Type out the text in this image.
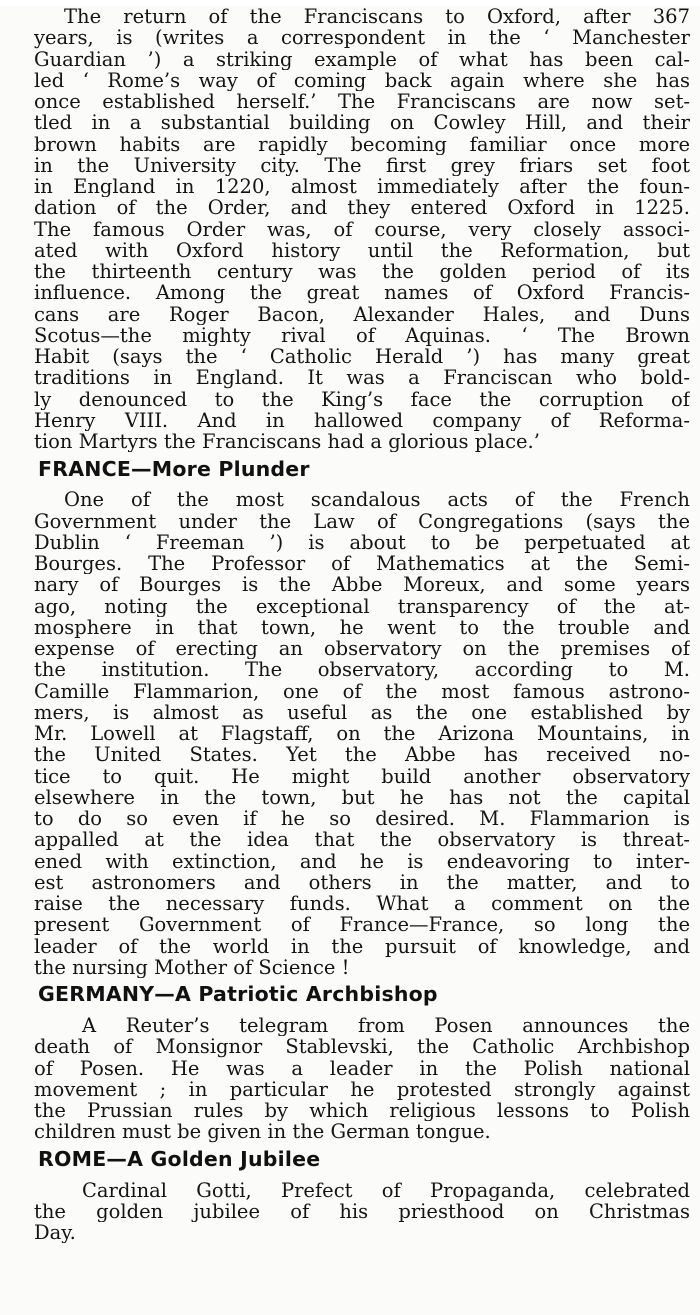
The return of the Franciscans to Oxford, after 367
years, is (writes a correspondent in the ‘ Manchester
Guardian ’) a striking example of what has been cal-
led ‘ Rome’s way of coming back again where she has
once established herself.’ The Franciscans are now set-
tled in a substantial building on Cowley Hill, and their
brown habits are rapidly becoming familiar once more
in the University city. The first grey friars set foot
in England in 1220, almost immediately after the foun-
dation of the Order, and they entered Oxford in 1225.
The famous Order was, of course, very closely associ-
ated with Oxford history until the Reformation, but
the thirteenth century was the golden period of its
influence. Among the great names of Oxford Francis-
cans are Roger Bacon, Alexander Hales, and Duns
Scotus—the mighty rival of Aquinas. ‘ The Brown
Habit (says the ‘ Catholic Herald ’) has many great
traditions in England. It was a Franciscan who bold-
ly denounced to the King’s face the corruption of
Henry VIII. And in hallowed company of Reforma-
tion Martyrs the Franciscans had a glorious place.’
FRANCE—More Plunder
One of the most scandalous acts of the French
Government under the Law of Congregations (says the
Dublin ‘ Freeman ’) is about to be perpetuated at
Bourges. The Professor of Mathematics at the Semi-
nary of Bourges is the Abbe Moreux, and some years
ago, noting the exceptional transparency of the at-
mosphere in that town, he went to the trouble and
expense of erecting an observatory on the premises of
the institution. The observatory, according to M.
Camille Flammarion, one of the most famous astrono-
mers, is almost as useful as the one established by
Mr. Lowell at Flagstaff, on the Arizona Mountains, in
the United States. Yet the Abbe has received no-
tice to quit. He might build another observatory
elsewhere in the town, but he has not the capital
to do so even if he so desired. M. Flammarion is
appalled at the idea that the observatory is threat-
ened with extinction, and he is endeavoring to inter-
est astronomers and others in the matter, and to
raise the necessary funds. What a comment on the
present Government of France—France, so long the
leader of the world in the pursuit of knowledge, and
the nursing Mother of Science !
GERMANY—A Patriotic Archbishop
A Reuter’s telegram from Posen announces the
death of Monsignor Stablevski, the Catholic Archbishop
of Posen. He was a leader in the Polish national
movement ; in particular he protested strongly against
the Prussian rules by which religious lessons to Polish
children must be given in the German tongue.
ROME—A Golden Jubilee
Cardinal Gotti, Prefect of Propaganda, celebrated
the golden jubilee of his priesthood on Christmas
Day.
